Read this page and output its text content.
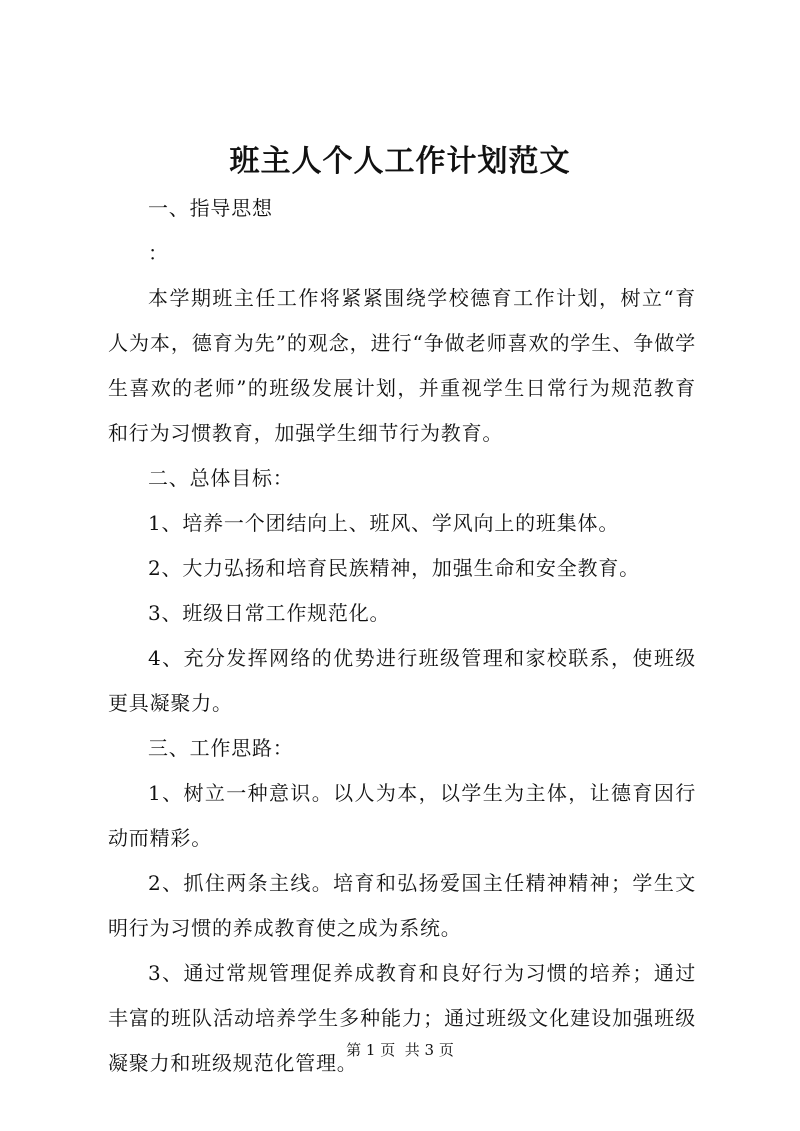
班主人个人工作计划范文

一、指导思想

：

本学期班主任工作将紧紧围绕学校德育工作计划，树立“育人为本，德育为先”的观念，进行“争做老师喜欢的学生、争做学生喜欢的老师”的班级发展计划，并重视学生日常行为规范教育和行为习惯教育，加强学生细节行为教育。

二、总体目标：

1、培养一个团结向上、班风、学风向上的班集体。

2、大力弘扬和培育民族精神，加强生命和安全教育。

3、班级日常工作规范化。

4、充分发挥网络的优势进行班级管理和家校联系，使班级更具凝聚力。

三、工作思路：

1、树立一种意识。以人为本，以学生为主体，让德育因行动而精彩。

2、抓住两条主线。培育和弘扬爱国主任精神精神；学生文明行为习惯的养成教育使之成为系统。

3、通过常规管理促养成教育和良好行为习惯的培养；通过丰富的班队活动培养学生多种能力；通过班级文化建设加强班级凝聚力和班级规范化管理。

第 1 页  共 3 页
